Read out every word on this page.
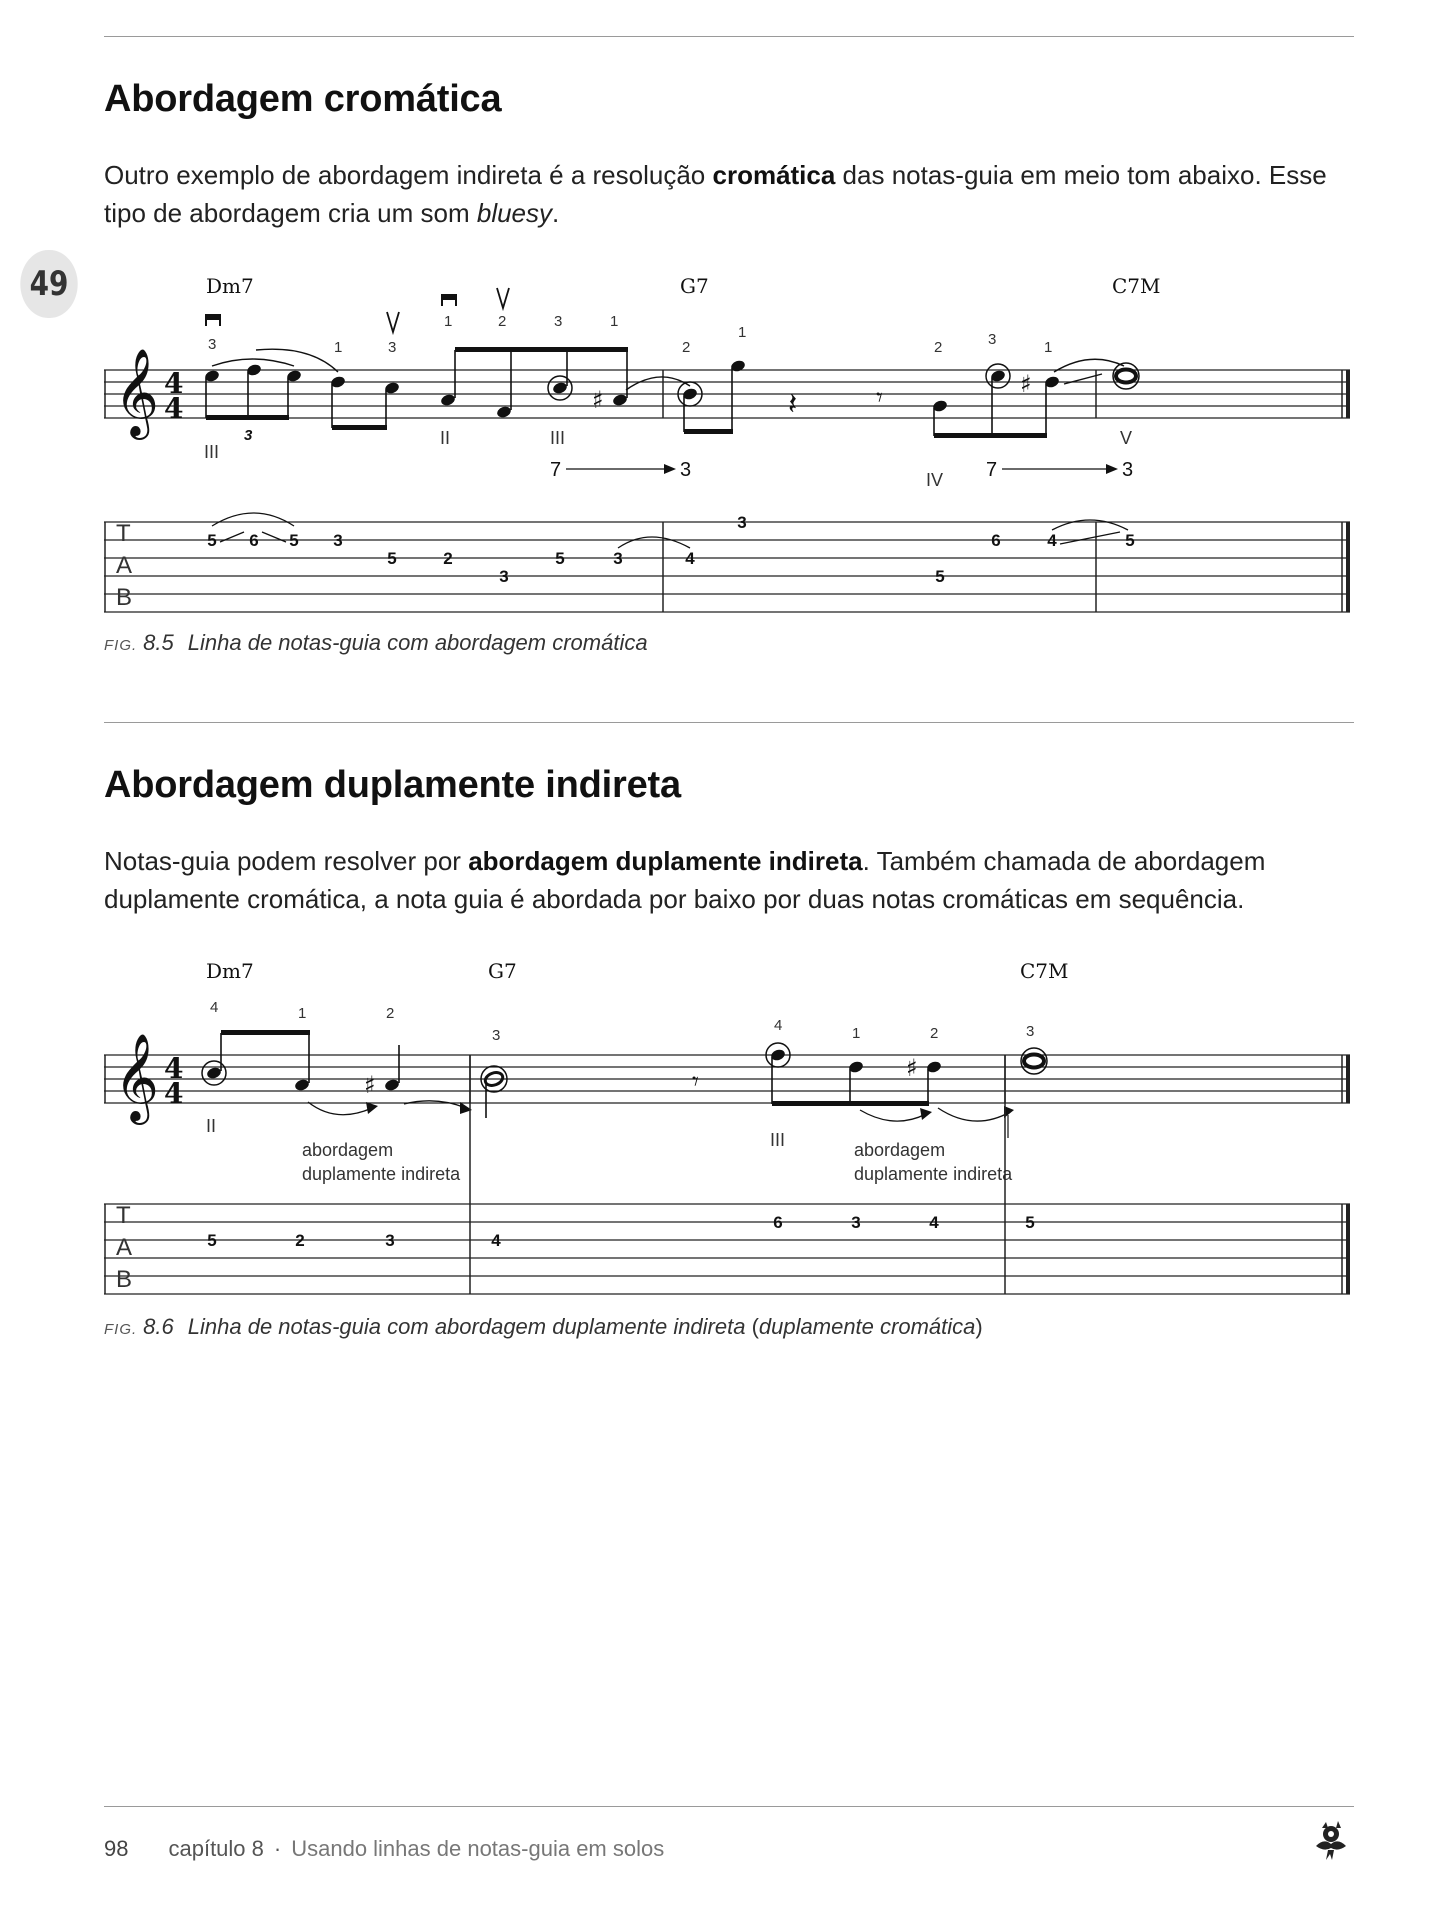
49
Abordagem cromática

Outro exemplo de abordagem indireta é a resolução cromática das notas-guia em meio tom abaixo. Esse tipo de abordagem cria um som bluesy.

Dm7	G7	C7M
3	1	3
1	2	3	1
2
1
2	3	1
𝄞 4
4
3
♯	𝄽	𝄾	♯
III
II	III
IV
V
7	3	7	3
T
A
B
5 6 5 3
5	2
3
5	3	4
3
6
5
4	5

FIG. 8.5 Linha de notas-guia com abordagem cromática

Abordagem duplamente indireta

Notas-guia podem resolver por abordagem duplamente indireta. Também chamada de abordagem duplamente cromática, a nota guia é abordada por baixo por duas notas cromáticas em sequência.

Dm7	G7	C7M
4	1	2
3
4	1	2	3
𝄞 4
4	♯	𝄾	♯
II
III
abordagem
duplamente indireta
abordagem
duplamente indireta
T
A
B
5	2	3	4
6	3	4	5

FIG. 8.6 Linha de notas-guia com abordagem duplamente indireta (duplamente cromática)

98 capítulo 8 · Usando linhas de notas-guia em solos
